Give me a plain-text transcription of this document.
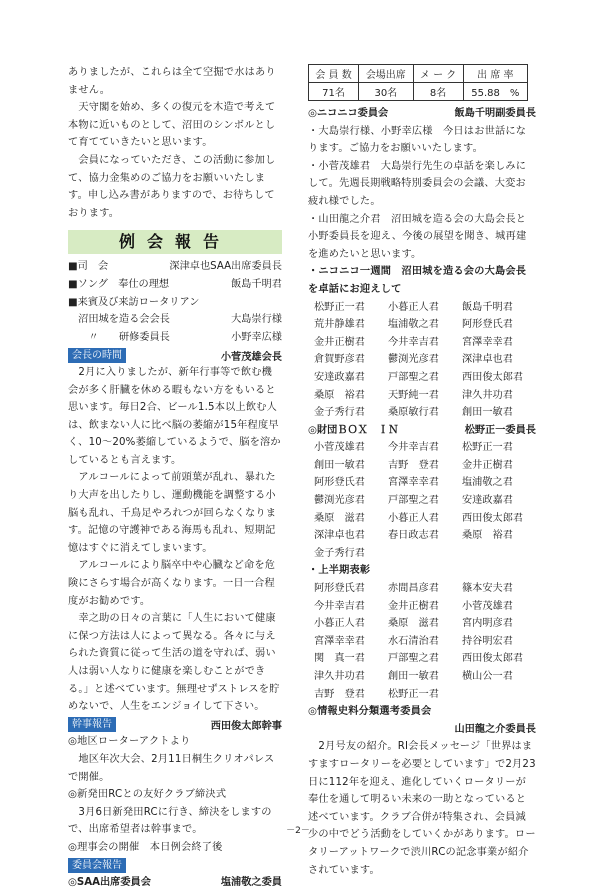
ありましたが、これらは全て空掘で水はありません。
　天守閣を始め、多くの復元を木造で考えて本物に近いものとして、沼田のシンボルとして育てていきたいと思います。
　会員になっていただき、この活動に参加して、協力金集めのご協力をお願いいたします。申し込み書がありますので、お待ちしております。

例会報告
■司　会	深津卓也SAA出席委員長
■ソング　奉仕の理想	飯島千明君
■来賓及び来訪ロータリアン
　沼田城を造る会会長	大島崇行様
　　〃　　研修委員長	小野幸広様
会長の時間	小菅茂雄会長

　2月に入りましたが、新年行事等で飲む機会が多く肝臓を休める暇もない方をもいると思います。毎日2合、ビール1.5本以上飲む人は、飲まない人に比べ脳の萎縮が15年程度早く、10～20%萎縮しているようで、脳を溶かしているとも言えます。
　アルコールによって前頭葉が乱れ、暴れたり大声を出したりし、運動機能を調整する小脳も乱れ、千鳥足やろれつが回らなくなります。記憶の守護神である海馬も乱れ、短期記憶はすぐに消えてしまいます。
　アルコールにより脳卒中や心臓など命を危険にさらす場合が高くなります。一日一合程度がお勧めです。
　幸之助の日々の言葉に「人生において健康に保つ方法は人によって異なる。各々に与えられた資質に従って生活の道を守れば、弱い人は弱い人なりに健康を楽しむことができる。」と述べています。無理せずストレスを貯めないで、人生をエンジョイして下さい。

幹事報告	西田俊太郎幹事

◎地区ローターアクトより
　地区年次大会、2月11日桐生クリオパレスで開催。
◎新発田RCとの友好クラブ締決式
　3月6日新発田RCに行き、締決をしますので、出席希望者は幹事まで。
◎理事会の開催　本日例会終了後

委員会報告
◎SAA出席委員会	塩浦敬之委員
会 員 数	会場出席	メ ー ク	出 席 率
71名	30名	8名	55.88　%
◎ニコニコ委員会	飯島千明副委員長

・大島崇行様、小野幸広様　今日はお世話になります。ご協力をお願いいたします。
・小菅茂雄君　大島崇行先生の卓話を楽しみにして。先週長期戦略特別委員会の会議、大変お疲れ様でした。
・山田龍之介君　沼田城を造る会の大島会長と小野委員長を迎え、今後の展望を聞き、城再建を進めたいと思います。

・ニコニコ一週間　沼田城を造る会の大島会長を卓話にお迎えして

松野正一君	小暮正人君	飯島千明君
荒井静雄君	塩浦敬之君	阿形登氏君
金井正樹君	今井幸吉君	宮澤幸幸君
倉賀野彦君	鬱渕光彦君	深津卓也君
安達政嘉君	戸部聖之君	西田俊太郎君
桑原　裕君	天野純一君	津久井功君
金子秀行君	桑原敏行君	創田一敏君
◎財団ＢＯＸ　ＩＮ	松野正一委員長
小菅茂雄君	今井幸吉君	松野正一君
創田一敏君	吉野　登君	金井正樹君
阿形登氏君	宮澤幸幸君	塩浦敬之君
鬱渕光彦君	戸部聖之君	安達政嘉君
桑原　滋君	小暮正人君	西田俊太郎君
深津卓也君	春日政志君	桑原　裕君
金子秀行君

・上半期表彰

阿形登氏君	赤間昌彦君	篠本安夫君
今井幸吉君	金井正樹君	小菅茂雄君
小暮正人君	桑原　滋君	宮内明彦君
宮澤幸幸君	水石清治君	持谷明宏君
関　真一君	戸部聖之君	西田俊太郎君
津久井功君	創田一敏君	横山公一君
吉野　登君	松野正一君

◎情報史料分類選考委員会

山田龍之介委員長

　2月号友の紹介。RI会長メッセージ「世界はますますロータリーを必要としています」で2月23日に112年を迎え、進化していくロータリーが奉仕を通して明るい未来の一助となっていると述べています。クラブ合併が特集され、会員減少の中でどう活動をしていくかがあります。ロータリーアットワークで渋川RCの記念事業が紹介されています。

－2－
